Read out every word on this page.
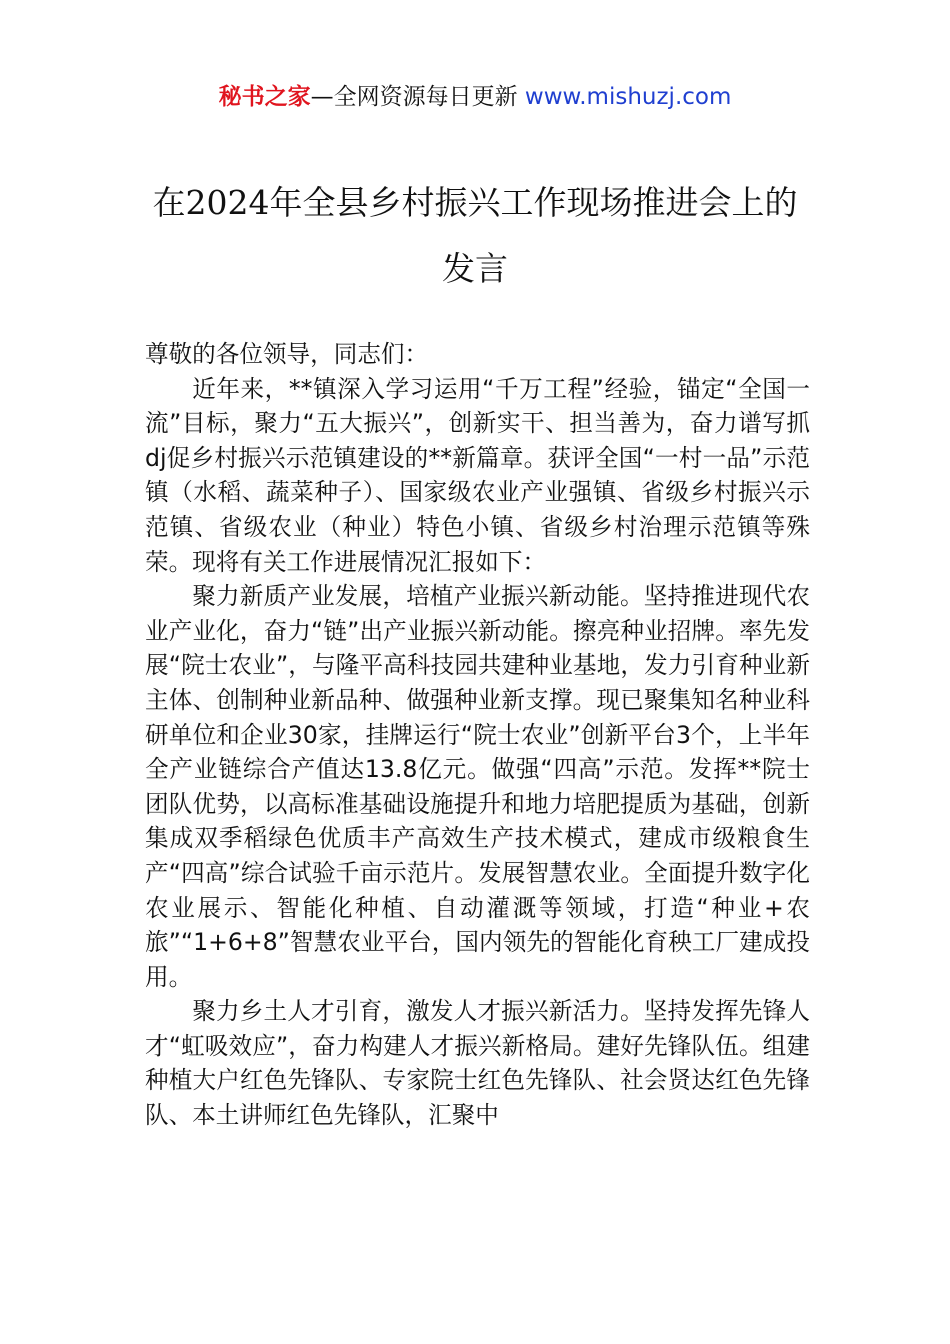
秘书之家—全网资源每日更新 www.mishuzj.com
在2024年全县乡村振兴工作现场推进会上的发言

尊敬的各位领导，同志们：

近年来，**镇深入学习运用“千万工程”经验，锚定“全国一流”目标，聚力“五大振兴”，创新实干、担当善为，奋力谱写抓dj促乡村振兴示范镇建设的**新篇章。获评全国“一村一品”示范镇（水稻、蔬菜种子）、国家级农业产业强镇、省级乡村振兴示范镇、省级农业（种业）特色小镇、省级乡村治理示范镇等殊荣。现将有关工作进展情况汇报如下：

聚力新质产业发展，培植产业振兴新动能。坚持推进现代农业产业化，奋力“链”出产业振兴新动能。擦亮种业招牌。率先发展“院士农业”，与隆平高科技园共建种业基地，发力引育种业新主体、创制种业新品种、做强种业新支撑。现已聚集知名种业科研单位和企业30家，挂牌运行“院士农业”创新平台3个，上半年全产业链综合产值达13.8亿元。做强“四高”示范。发挥**院士团队优势，以高标准基础设施提升和地力培肥提质为基础，创新集成双季稻绿色优质丰产高效生产技术模式，建成市级粮食生产“四高”综合试验千亩示范片。发展智慧农业。全面提升数字化农业展示、智能化种植、自动灌溉等领域，打造“种业+农旅”“1+6+8”智慧农业平台，国内领先的智能化育秧工厂建成投用。

聚力乡土人才引育，激发人才振兴新活力。坚持发挥先锋人才“虹吸效应”，奋力构建人才振兴新格局。建好先锋队伍。组建种植大户红色先锋队、专家院士红色先锋队、社会贤达红色先锋队、本土讲师红色先锋队，汇聚中
